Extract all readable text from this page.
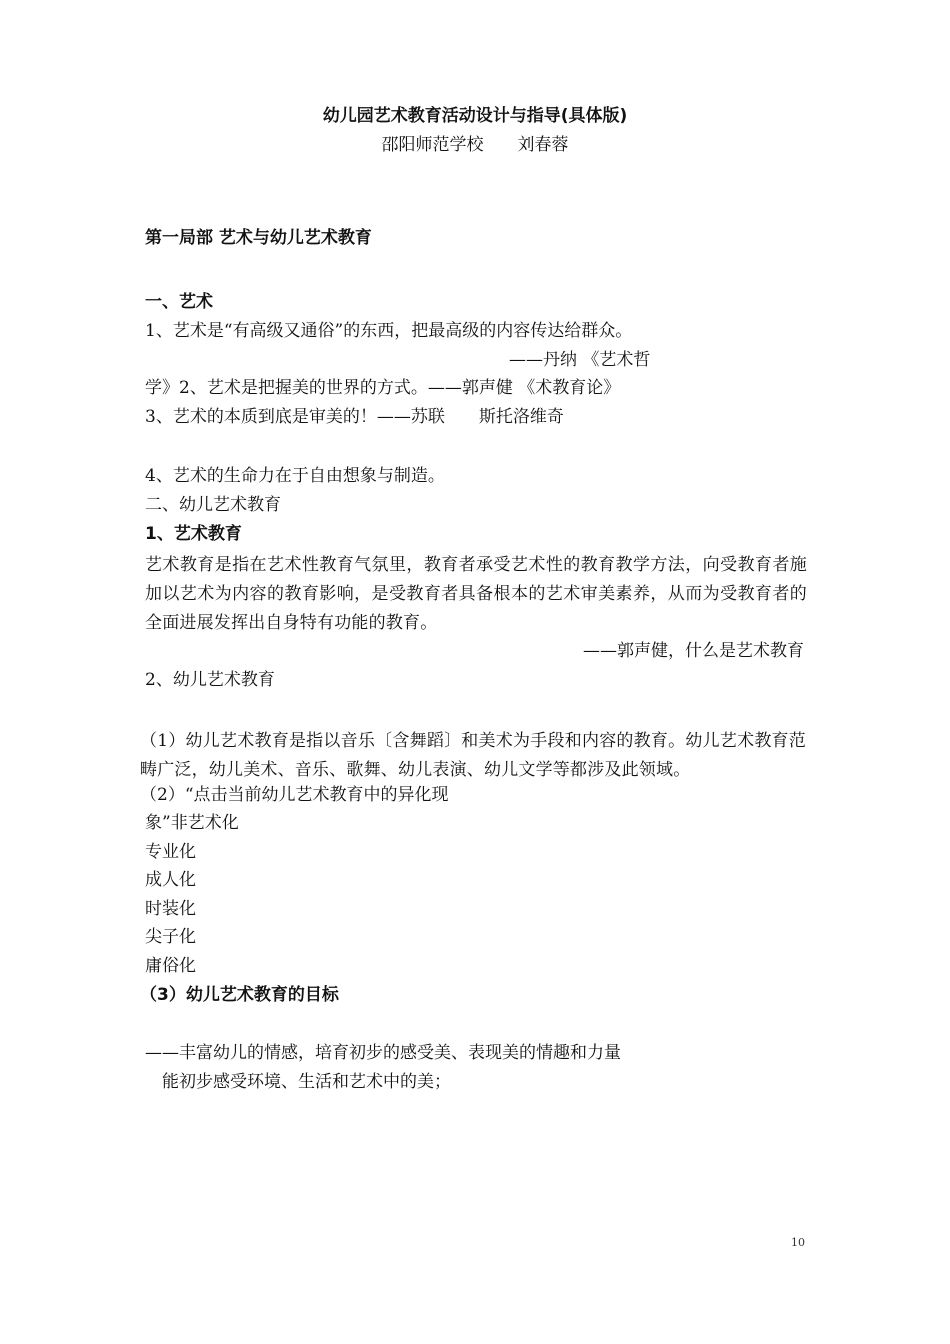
幼儿园艺术教育活动设计与指导(具体版)
邵阳师范学校　　刘春蓉
第一局部 艺术与幼儿艺术教育
一、艺术
1、艺术是“有高级又通俗”的东西，把最高级的内容传达给群众。
——丹纳 《艺术哲
学》2、艺术是把握美的世界的方式。——郭声健 《术教育论》
3、艺术的本质到底是审美的！——苏联　　斯托洛维奇
4、艺术的生命力在于自由想象与制造。
二、幼儿艺术教育
1、艺术教育
艺术教育是指在艺术性教育气氛里，教育者承受艺术性的教育教学方法，向受教育者施加以艺术为内容的教育影响，是受教育者具备根本的艺术审美素养，从而为受教育者的全面进展发挥出自身特有功能的教育。
——郭声健，什么是艺术教育
2、幼儿艺术教育
（1）幼儿艺术教育是指以音乐〔含舞蹈〕和美术为手段和内容的教育。幼儿艺术教育范畴广泛，幼儿美术、音乐、歌舞、幼儿表演、幼儿文学等都涉及此领域。
（2）“点击当前幼儿艺术教育中的异化现
象”非艺术化
专业化
成人化
时装化
尖子化
庸俗化
（3）幼儿艺术教育的目标
——丰富幼儿的情感，培育初步的感受美、表现美的情趣和力量
能初步感受环境、生活和艺术中的美；
10
